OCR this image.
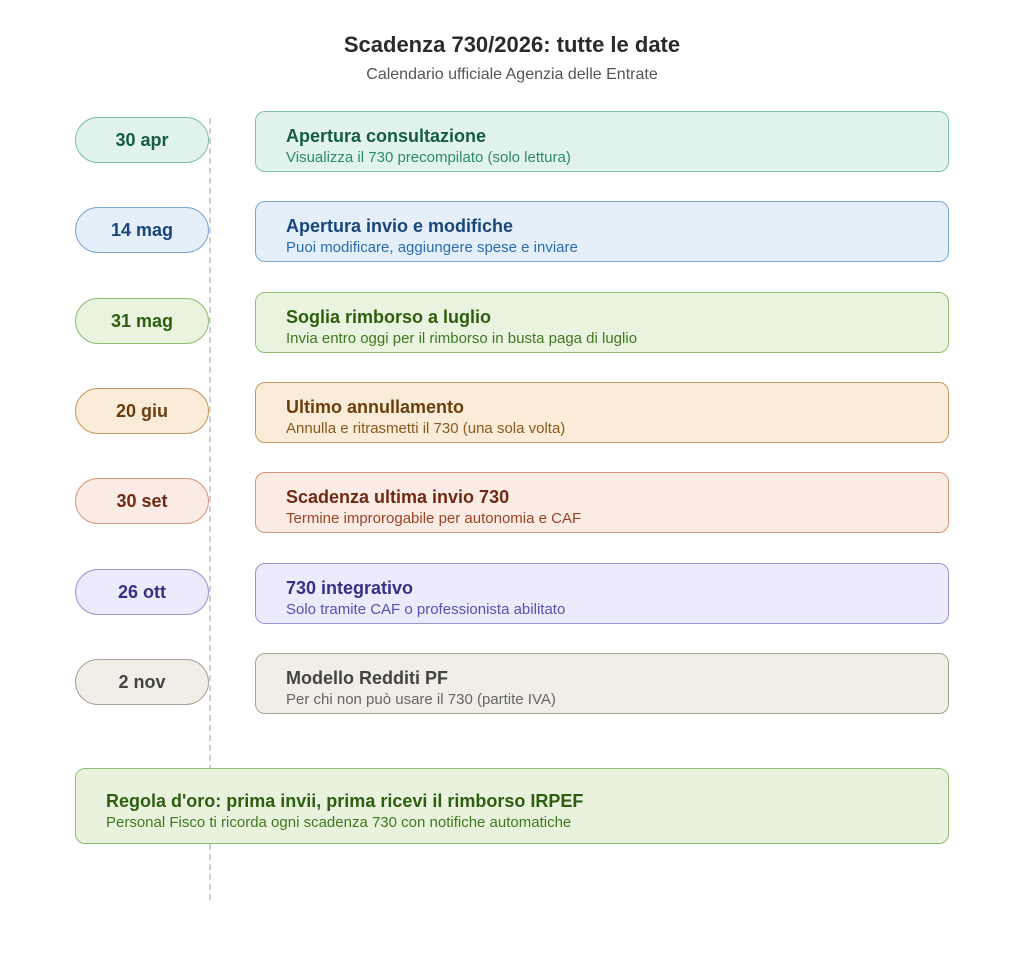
Scadenza 730/2026: tutte le date
Calendario ufficiale Agenzia delle Entrate
30 apr	Apertura consultazione
Visualizza il 730 precompilato (solo lettura)
14 mag	Apertura invio e modifiche
Puoi modificare, aggiungere spese e inviare
31 mag	Soglia rimborso a luglio
Invia entro oggi per il rimborso in busta paga di luglio
20 giu	Ultimo annullamento
Annulla e ritrasmetti il 730 (una sola volta)
30 set	Scadenza ultima invio 730
Termine improrogabile per autonomia e CAF
26 ott	730 integrativo
Solo tramite CAF o professionista abilitato
2 nov	Modello Redditi PF
Per chi non può usare il 730 (partite IVA)
Regola d'oro: prima invii, prima ricevi il rimborso IRPEF
Personal Fisco ti ricorda ogni scadenza 730 con notifiche automatiche
